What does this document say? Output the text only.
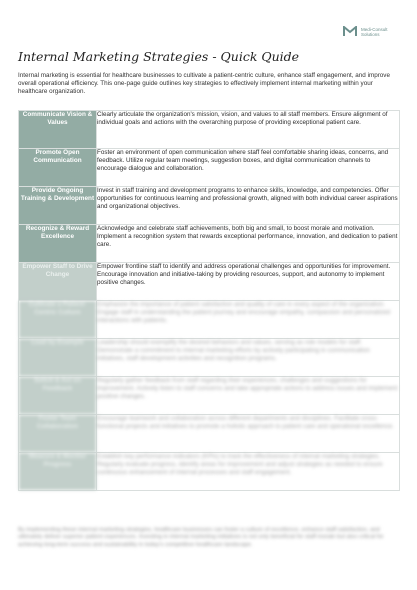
Medi-Consult Solutions
Internal Marketing Strategies - Quick Quide

Internal marketing is essential for healthcare businesses to cultivate a patient-centric culture, enhance staff engagement, and improve overall operational efficiency. This one-page guide outlines key strategies to effectively implement internal marketing within your healthcare organization.

Communicate Vision & Values	Clearly articulate the organization's mission, vision, and values to all staff members. Ensure alignment of individual goals and actions with the overarching purpose of providing exceptional patient care.
Promote Open Communication	Foster an environment of open communication where staff feel comfortable sharing ideas, concerns, and feedback. Utilize regular team meetings, suggestion boxes, and digital communication channels to encourage dialogue and collaboration.
Provide Ongoing Training & Development	Invest in staff training and development programs to enhance skills, knowledge, and competencies. Offer opportunities for continuous learning and professional growth, aligned with both individual career aspirations and organizational objectives.
Recognize & Reward Excellence	Acknowledge and celebrate staff achievements, both big and small, to boost morale and motivation. Implement a recognition system that rewards exceptional performance, innovation, and dedication to patient care.
Empower Staff to Drive Change	Empower frontline staff to identify and address operational challenges and opportunities for improvement. Encourage innovation and initiative-taking by providing resources, support, and autonomy to implement positive changes.
Cultivate a Patient-Centric Culture	Emphasize the importance of patient satisfaction and quality of care in every aspect of the organization. Engage staff in understanding the patient journey and encourage empathy, compassion and personalized interactions with patients.
Lead by Example	Leadership should exemplify the desired behaviors and values, serving as role models for staff. Demonstrate a commitment to internal marketing efforts by actively participating in communication initiatives, staff development activities and recognition programs.
Solicit & Act on Feedback	Regularly gather feedback from staff regarding their experiences, challenges and suggestions for improvement. Actively listen to staff concerns and take appropriate actions to address issues and implement positive changes.
Foster Team Collaboration	Encourage teamwork and collaboration across different departments and disciplines. Facilitate cross-functional projects and initiatives to promote a holistic approach to patient care and operational excellence.
Measure & Monitor Progress	Establish key performance indicators (KPIs) to track the effectiveness of internal marketing strategies. Regularly evaluate progress, identify areas for improvement and adjust strategies as needed to ensure continuous enhancement of internal processes and staff engagement.

By implementing these internal marketing strategies, healthcare businesses can foster a culture of excellence, enhance staff satisfaction, and ultimately deliver superior patient experiences. Investing in internal marketing initiatives is not only beneficial for staff morale but also critical for achieving long-term success and sustainability in today's competitive healthcare landscape.
